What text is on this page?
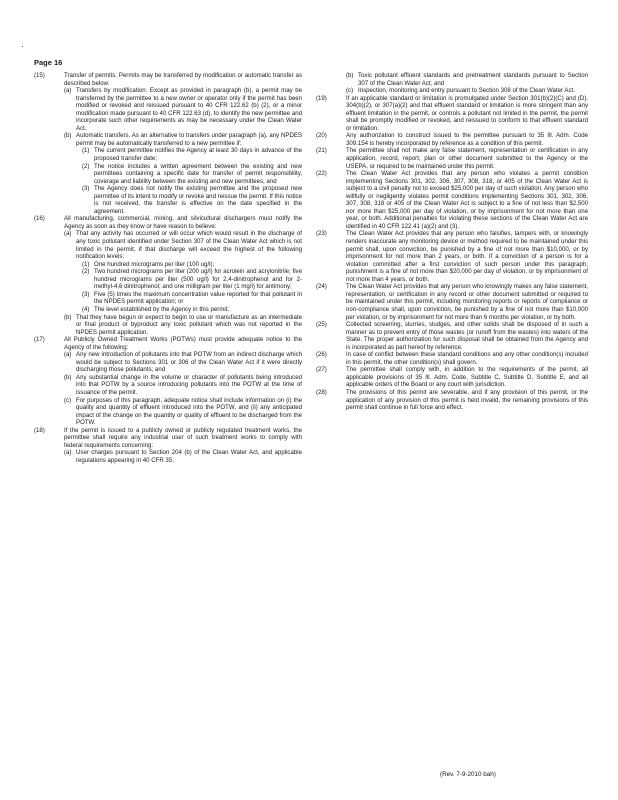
Page 16
(15)	Transfer of permits. Permits may be transferred by modification or automatic transfer as described below:
(a) Transfers by modification. Except as provided in paragraph (b), a permit may be transferred by the permittee to a new owner or operator only if the permit has been modified or revoked and reissued pursuant to 40 CFR 122.62 (b) (2), or a minor modification made pursuant to 40 CFR 122.63 (d), to identify the new permittee and incorporate such other requirements as may be necessary under the Clean Water Act.
(b) Automatic transfers. As an alternative to transfers under paragraph (a), any NPDES permit may be automatically transferred to a new permittee if:
(1) The current permittee notifies the Agency at least 30 days in advance of the proposed transfer date;
(2) The notice includes a written agreement between the existing and new permittees containing a specific date for transfer of permit responsibility, coverage and liability between the existing and new permittees; and
(3) The Agency does not notify the existing permittee and the proposed new permittee of its intent to modify or revoke and reissue the permit. If this notice is not received, the transfer is effective on the date specified in the agreement.
(16)	All manufacturing, commercial, mining, and silvicultural dischargers must notify the Agency as soon as they know or have reason to believe:
(a) That any activity has occurred or will occur which would result in the discharge of any toxic pollutant identified under Section 307 of the Clean Water Act which is not limited in the permit, if that discharge will exceed the highest of the following notification levels:
(1) One hundred micrograms per liter (100 ug/l);
(2) Two hundred micrograms per liter (200 ug/l) for acrolein and acrylonitrile; five hundred micrograms per liter (500 ug/l) for 2,4-dinitrophenol and for 2-methyl-4,6 dinitrophenol; and one milligram per liter (1 mg/l) for antimony;
(3) Five (5) times the maximum concentration value reported for that pollutant in the NPDES permit application; or
(4) The level established by the Agency in this permit.
(b) That they have begun or expect to begin to use or manufacture as an intermediate or final product or byproduct any toxic pollutant which was not reported in the NPDES permit application.
(17)	All Publicly Owned Treatment Works (POTWs) must provide adequate notice to the Agency of the following:
(a) Any new introduction of pollutants into that POTW from an indirect discharge which would be subject to Sections 301 or 306 of the Clean Water Act if it were directly discharging those pollutants; and
(b) Any substantial change in the volume or character of pollutants being introduced into that POTW by a source introducing pollutants into the POTW at the time of issuance of the permit.
(c) For purposes of this paragraph, adequate notice shall include information on (i) the quality and quantity of effluent introduced into the POTW, and (ii) any anticipated impact of the change on the quantity or quality of effluent to be discharged from the POTW.
(18)	If the permit is issued to a publicly owned or publicly regulated treatment works, the permittee shall require any industrial user of such treatment works to comply with federal requirements concerning:
(a) User charges pursuant to Section 204 (b) of the Clean Water Act, and applicable regulations appearing in 40 CFR 35;
(b) Toxic pollutant effluent standards and pretreatment standards pursuant to Section 307 of the Clean Water Act; and
(c) Inspection, monitoring and entry pursuant to Section 308 of the Clean Water Act.
(19)	If an applicable standard or limitation is promulgated under Section 301(b)(2)(C) and (D), 304(b)(2), or 307(a)(2) and that effluent standard or limitation is more stringent than any effluent limitation in the permit, or controls a pollutant not limited in the permit, the permit shall be promptly modified or revoked, and reissued to conform to that effluent standard or limitation.
(20)	Any authorization to construct issued to the permittee pursuant to 35 Ill. Adm. Code 309.154 is hereby incorporated by reference as a condition of this permit.
(21)	The permittee shall not make any false statement, representation or certification in any application, record, report, plan or other document submitted to the Agency or the USEPA, or required to be maintained under this permit.
(22)	The Clean Water Act provides that any person who violates a permit condition implementing Sections 301, 302, 306, 307, 308, 318, or 405 of the Clean Water Act is subject to a civil penalty not to exceed $25,000 per day of such violation. Any person who willfully or negligently violates permit conditions implementing Sections 301, 302, 306, 307, 308, 318 or 405 of the Clean Water Act is subject to a fine of not less than $2,500 nor more than $25,000 per day of violation, or by imprisonment for not more than one year, or both. Additional penalties for violating these sections of the Clean Water Act are identified in 40 CFR 122.41 (a)(2) and (3).
(23)	The Clean Water Act provides that any person who falsifies, tampers with, or knowingly renders inaccurate any monitoring device or method required to be maintained under this permit shall, upon conviction, be punished by a fine of not more than $10,000, or by imprisonment for not more than 2 years, or both. If a conviction of a person is for a violation committed after a first conviction of such person under this paragraph, punishment is a fine of not more than $20,000 per day of violation, or by imprisonment of not more than 4 years, or both.
(24)	The Clean Water Act provides that any person who knowingly makes any false statement, representation, or certification in any record or other document submitted or required to be maintained under this permit, including monitoring reports or reports of compliance or non-compliance shall, upon conviction, be punished by a fine of not more than $10,000 per violation, or by imprisonment for not more than 6 months per violation, or by both.
(25)	Collected screening, slurries, sludges, and other solids shall be disposed of in such a manner as to prevent entry of those wastes (or runoff from the wastes) into waters of the State. The proper authorization for such disposal shall be obtained from the Agency and is incorporated as part hereof by reference.
(26)	In case of conflict between these standard conditions and any other condition(s) included in this permit, the other condition(s) shall govern.
(27)	The permittee shall comply with, in addition to the requirements of the permit, all applicable provisions of 35 Ill. Adm. Code, Subtitle C, Subtitle D, Subtitle E, and all applicable orders of the Board or any court with jurisdiction.
(28)	The provisions of this permit are severable, and if any provision of this permit, or the application of any provision of this permit is held invalid, the remaining provisions of this permit shall continue in full force and effect.
(Rev. 7-9-2010 bah)
